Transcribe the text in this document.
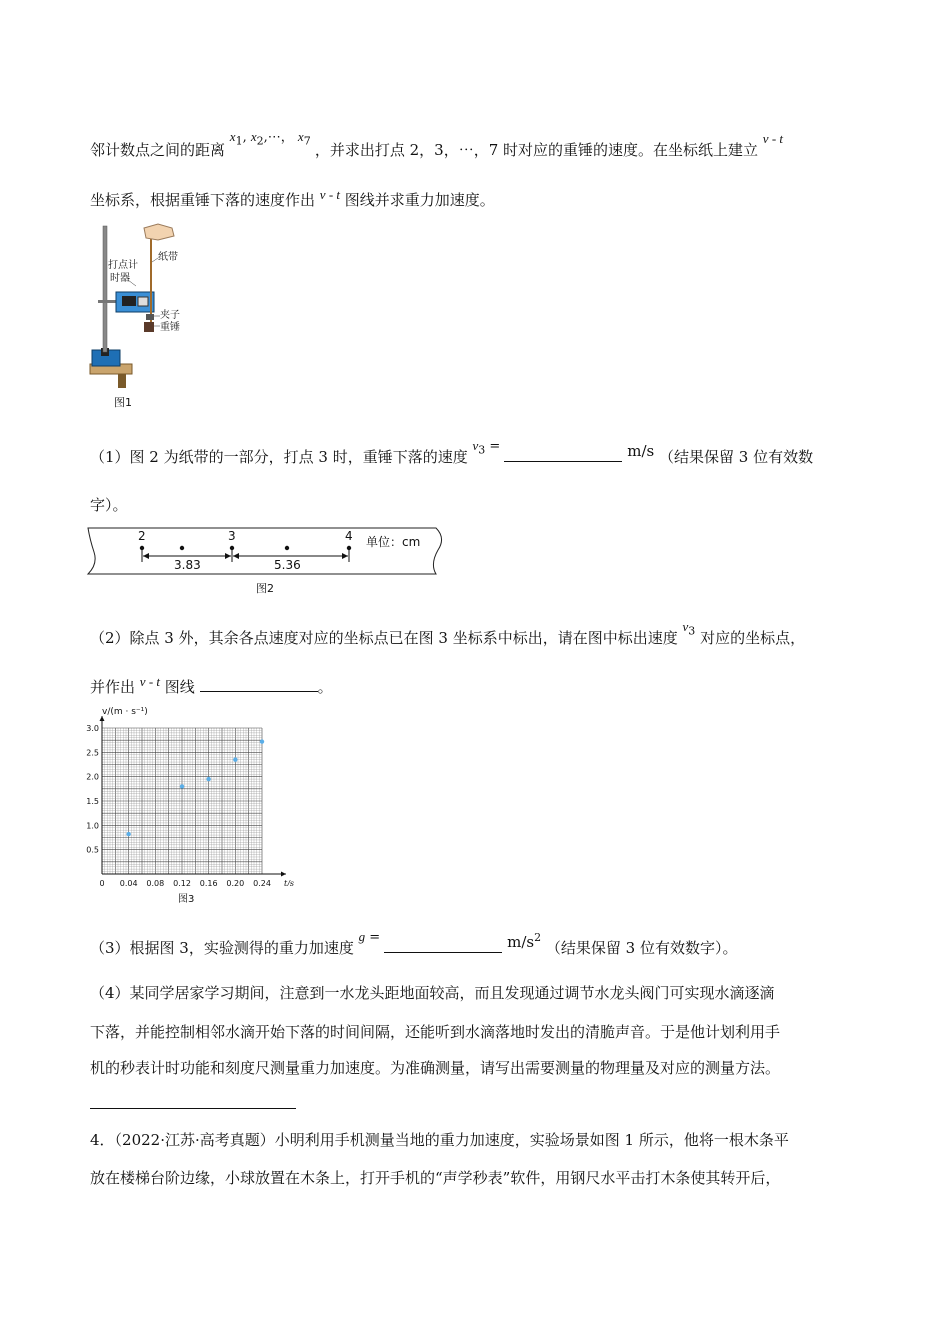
邻计数点之间的距离 $x_1$, $x_2,\cdots$， $x_7$ ，并求出打点 2，3，⋯，7 时对应的重锤的速度。在坐标纸上建立 v - t
坐标系，根据重锤下落的速度作出 v - t 图线并求重力加速度。
打点计
时器
纸带
夹子
重锤
图1
（1）图 2 为纸带的一部分，打点 3 时，重锤下落的速度 $v_3$ =	m/s （结果保留 3 位有效数
字）。
2	3	4 单位：cm
3.83	5.36
图2
（2）除点 3 外，其余各点速度对应的坐标点已在图 3 坐标系中标出，请在图中标出速度 $v_3$ 对应的坐标点，
并作出 v - t 图线	。
0 0.04 0.08 0.12 0.16 0.20 0.24
0.5
1.0
1.5
2.0
2.5
3.0
t/s
v/(m · s⁻¹)
图3
（3）根据图 3，实验测得的重力加速度 g =	$m/s^2$ （结果保留 3 位有效数字）。
（4）某同学居家学习期间，注意到一水龙头距地面较高，而且发现通过调节水龙头阀门可实现水滴逐滴
下落，并能控制相邻水滴开始下落的时间间隔，还能听到水滴落地时发出的清脆声音。于是他计划利用手
机的秒表计时功能和刻度尺测量重力加速度。为准确测量，请写出需要测量的物理量及对应的测量方法。
4．（2022·江苏·高考真题）小明利用手机测量当地的重力加速度，实验场景如图 1 所示，他将一根木条平
放在楼梯台阶边缘，小球放置在木条上，打开手机的“声学秒表”软件，用钢尺水平击打木条使其转开后，
